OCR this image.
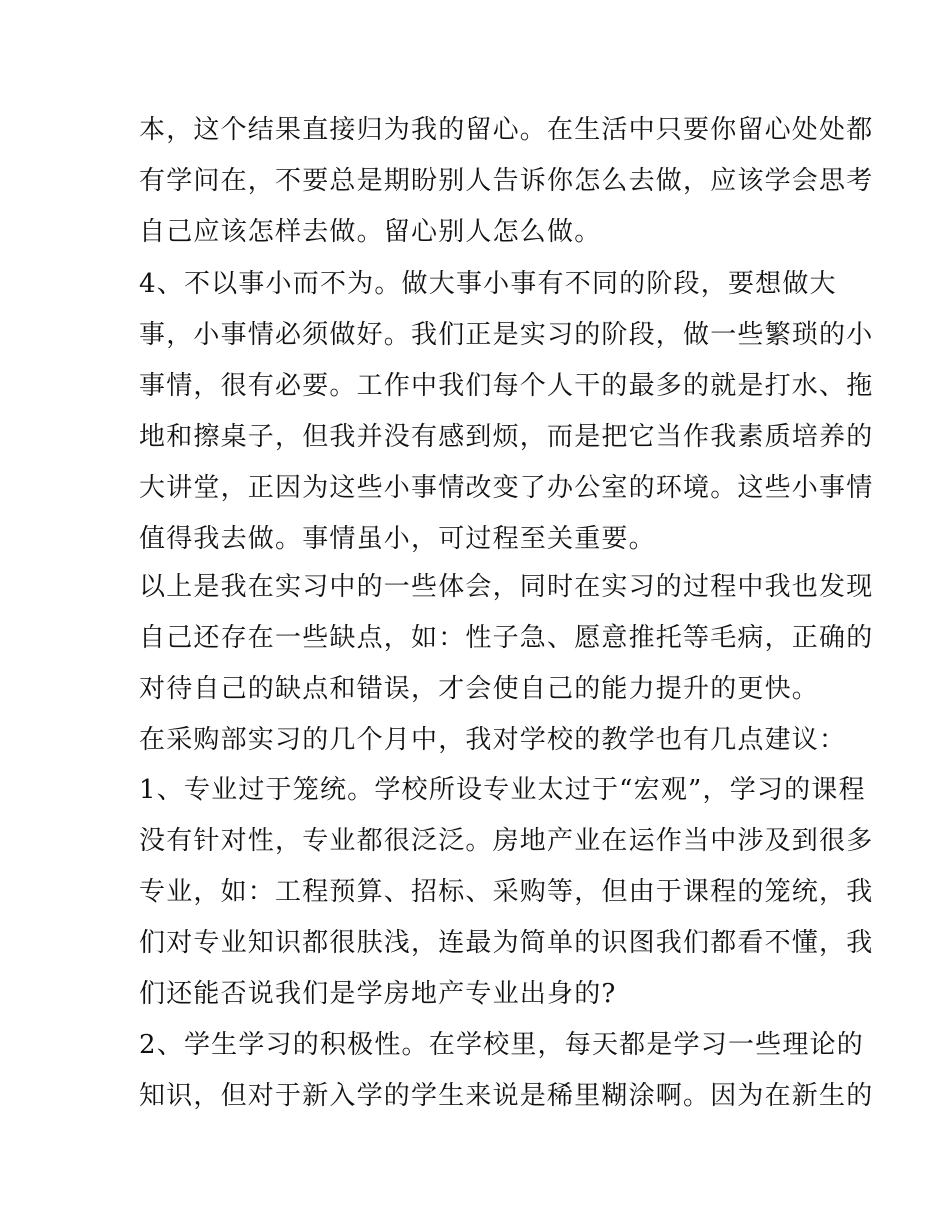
本，这个结果直接归为我的留心。在生活中只要你留心处处都
有学问在，不要总是期盼别人告诉你怎么去做，应该学会思考
自己应该怎样去做。留心别人怎么做。
4、不以事小而不为。做大事小事有不同的阶段，要想做大
事，小事情必须做好。我们正是实习的阶段，做一些繁琐的小
事情，很有必要。工作中我们每个人干的最多的就是打水、拖
地和擦桌子，但我并没有感到烦，而是把它当作我素质培养的
大讲堂，正因为这些小事情改变了办公室的环境。这些小事情
值得我去做。事情虽小，可过程至关重要。
以上是我在实习中的一些体会，同时在实习的过程中我也发现
自己还存在一些缺点，如：性子急、愿意推托等毛病，正确的
对待自己的缺点和错误，才会使自己的能力提升的更快。
在采购部实习的几个月中，我对学校的教学也有几点建议：
1、专业过于笼统。学校所设专业太过于“宏观”，学习的课程
没有针对性，专业都很泛泛。房地产业在运作当中涉及到很多
专业，如：工程预算、招标、采购等，但由于课程的笼统，我
们对专业知识都很肤浅，连最为简单的识图我们都看不懂，我
们还能否说我们是学房地产专业出身的?
2、学生学习的积极性。在学校里，每天都是学习一些理论的
知识，但对于新入学的学生来说是稀里糊涂啊。因为在新生的
